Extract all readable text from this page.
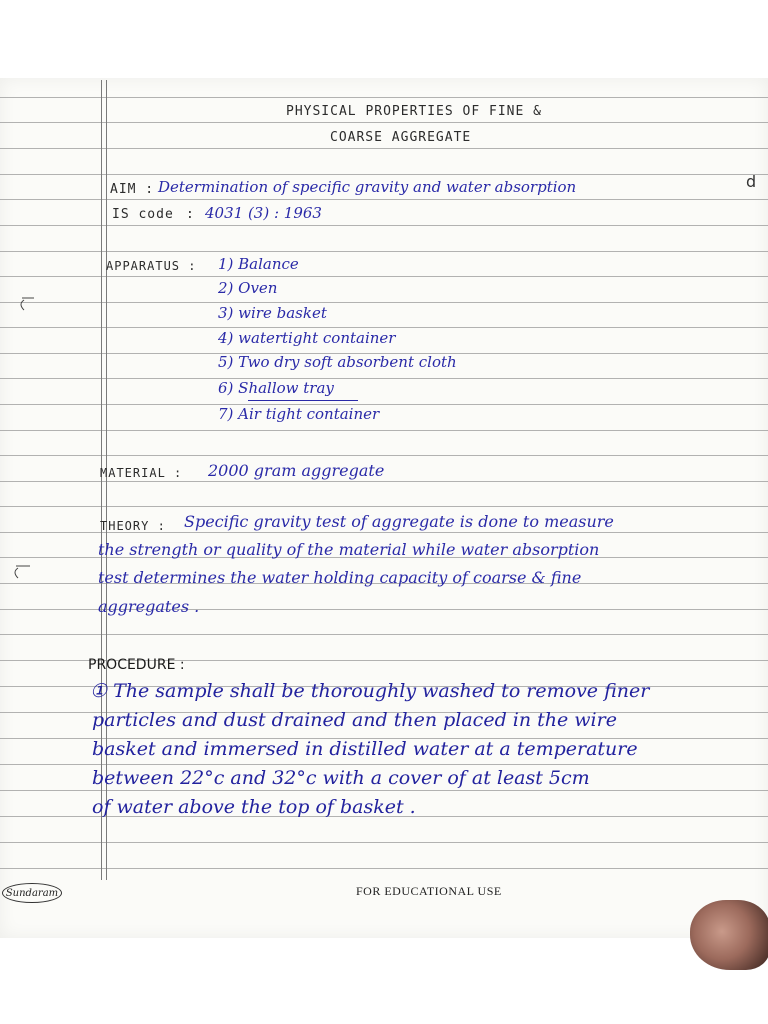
PHYSICAL PROPERTIES OF FINE &
COARSE AGGREGATE
AIM : Determination of specific gravity and water absorption
IS code : 4031 (3) : 1963
APPARATUS : 1) Balance
2) Oven
3) wire basket
4) watertight container
5) Two dry soft absorbent cloth
6) Shallow tray
7) Air tight container
MATERIAL : 2000 gram aggregate
THEORY : Specific gravity test of aggregate is done to measure
the strength or quality of the material while water absorption
test determines the water holding capacity of coarse & fine
aggregates .
PROCEDURE :
① The sample shall be thoroughly washed to remove finer
particles and dust drained and then placed in the wire
basket and immersed in distilled water at a temperature
between 22°c and 32°c with a cover of at least 5cm
of water above the top of basket .
d
Sundaram	FOR EDUCATIONAL USE
